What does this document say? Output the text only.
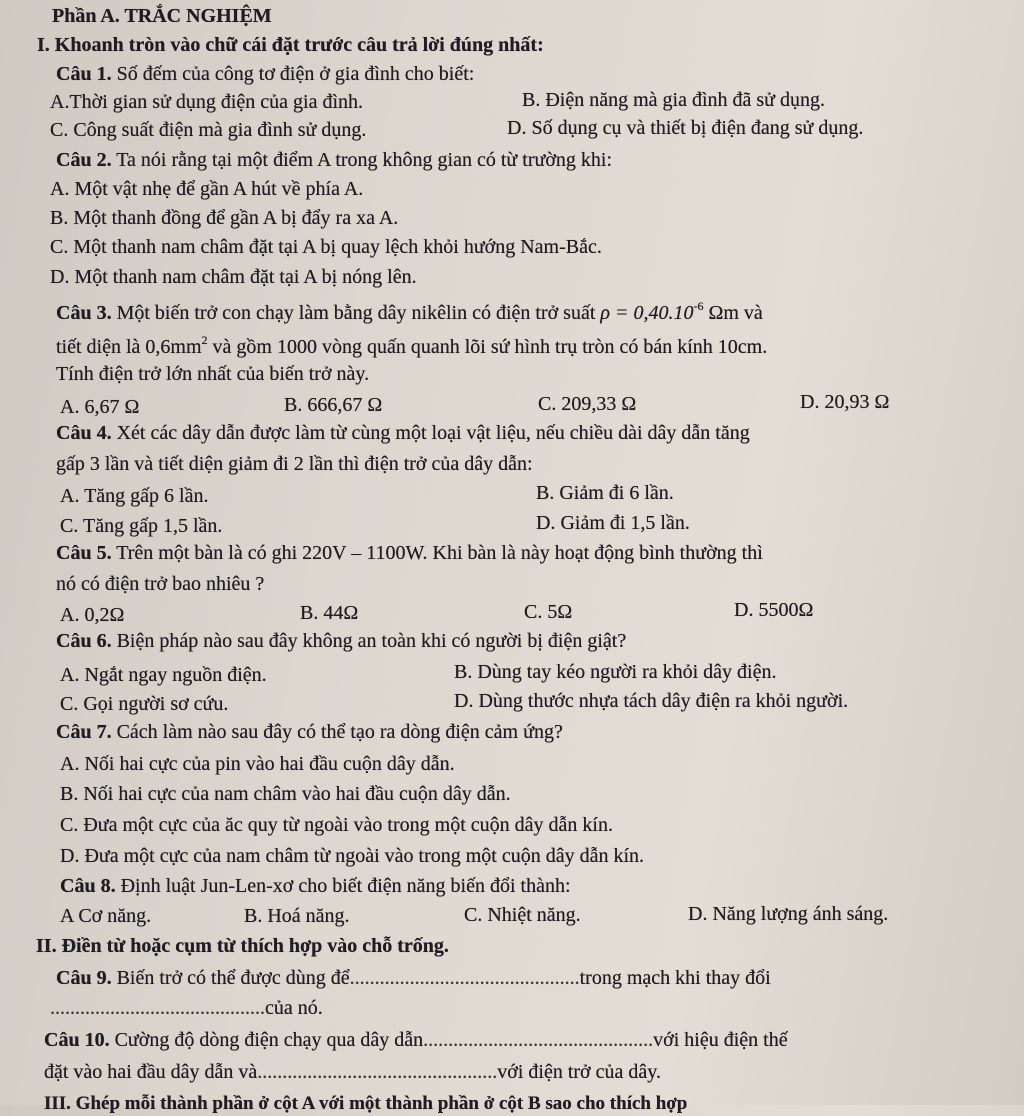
Phần A. TRẮC NGHIỆM
I. Khoanh tròn vào chữ cái đặt trước câu trả lời đúng nhất:
Câu 1. Số đếm của công tơ điện ở gia đình cho biết:
A.Thời gian sử dụng điện của gia đình.	B. Điện năng mà gia đình đã sử dụng.
C. Công suất điện mà gia đình sử dụng.	D. Số dụng cụ và thiết bị điện đang sử dụng.
Câu 2. Ta nói rằng tại một điểm A trong không gian có từ trường khi:
A. Một vật nhẹ để gần A hút về phía A.
B. Một thanh đồng để gần A bị đẩy ra xa A.
C. Một thanh nam châm đặt tại A bị quay lệch khỏi hướng Nam-Bắc.
D. Một thanh nam châm đặt tại A bị nóng lên.
Câu 3. Một biến trở con chạy làm bằng dây nikêlin có điện trở suất $\rho = 0,40.10^{-6}$ Ωm và
tiết diện là $0,6mm^2$ và gồm 1000 vòng quấn quanh lõi sứ hình trụ tròn có bán kính 10cm.
Tính điện trở lớn nhất của biến trở này.
A. 6,67 Ω	B. 666,67 Ω	C. 209,33 Ω	D. 20,93 Ω
Câu 4. Xét các dây dẫn được làm từ cùng một loại vật liệu, nếu chiều dài dây dẫn tăng
gấp 3 lần và tiết diện giảm đi 2 lần thì điện trở của dây dẫn:
A. Tăng gấp 6 lần.	B. Giảm đi 6 lần.
C. Tăng gấp 1,5 lần.	D. Giảm đi 1,5 lần.
Câu 5. Trên một bàn là có ghi 220V – 1100W. Khi bàn là này hoạt động bình thường thì
nó có điện trở bao nhiêu ?
A. 0,2Ω	B. 44Ω	C. 5Ω	D. 5500Ω
Câu 6. Biện pháp nào sau đây không an toàn khi có người bị điện giật?
A. Ngắt ngay nguồn điện.	B. Dùng tay kéo người ra khỏi dây điện.
C. Gọi người sơ cứu.	D. Dùng thước nhựa tách dây điện ra khỏi người.
Câu 7. Cách làm nào sau đây có thể tạo ra dòng điện cảm ứng?
A. Nối hai cực của pin vào hai đầu cuộn dây dẫn.
B. Nối hai cực của nam châm vào hai đầu cuộn dây dẫn.
C. Đưa một cực của ăc quy từ ngoài vào trong một cuộn dây dẫn kín.
D. Đưa một cực của nam châm từ ngoài vào trong một cuộn dây dẫn kín.
Câu 8. Định luật Jun-Len-xơ cho biết điện năng biến đổi thành:
A Cơ năng.	B. Hoá năng.	C. Nhiệt năng.	D. Năng lượng ánh sáng.
II. Điền từ hoặc cụm từ thích hợp vào chỗ trống.
Câu 9. Biến trở có thể được dùng để..............................................trong mạch khi thay đổi
...........................................của nó.
Câu 10. Cường độ dòng điện chạy qua dây dẫn..............................................với hiệu điện thế
đặt vào hai đầu dây dẫn và................................................với điện trở của dây.
III. Ghép mỗi thành phần ở cột A với một thành phần ở cột B sao cho thích hợp
